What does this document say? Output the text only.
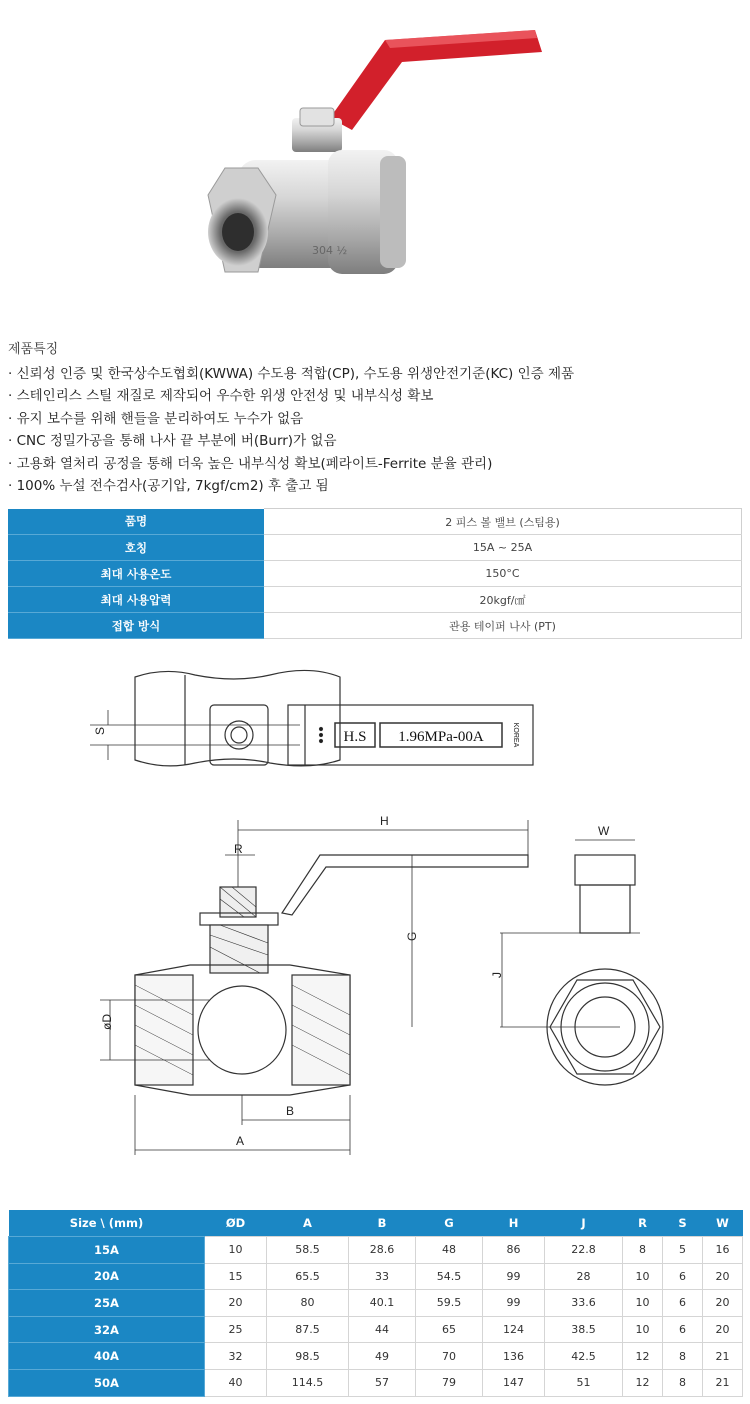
304 ½
제품특징
· 신뢰성 인증 및 한국상수도협회(KWWA) 수도용 적합(CP), 수도용 위생안전기준(KC) 인증 제품
· 스테인리스 스틸 재질로 제작되어 우수한 위생 안전성 및 내부식성 확보
· 유지 보수를 위해 핸들을 분리하여도 누수가 없음
· CNC 정밀가공을 통해 나사 끝 부분에 버(Burr)가 없음
· 고용화 열처리 공정을 통해 더욱 높은 내부식성 확보(페라이트-Ferrite 분율 관리)
· 100% 누설 전수검사(공기압, 7kgf/cm2) 후 출고 됨
품명	2 피스 볼 밸브 (스팀용)
호칭	15A ~ 25A
최대 사용온도	150°C
최대 사용압력	20kgf/㎠
접합 방식	관용 테이퍼 나사 (PT)
H.S 1.96MPa-00A	KOREA
S
H
R
G
øD
B
A
W
J
Size \ (mm)	ØD	A	B	G	H	J	R	S	W
15A	10	58.5	28.6	48	86	22.8	8	5	16
20A	15	65.5	33	54.5	99	28	10	6	20
25A	20	80	40.1	59.5	99	33.6	10	6	20
32A	25	87.5	44	65	124	38.5	10	6	20
40A	32	98.5	49	70	136	42.5	12	8	21
50A	40	114.5	57	79	147	51	12	8	21
